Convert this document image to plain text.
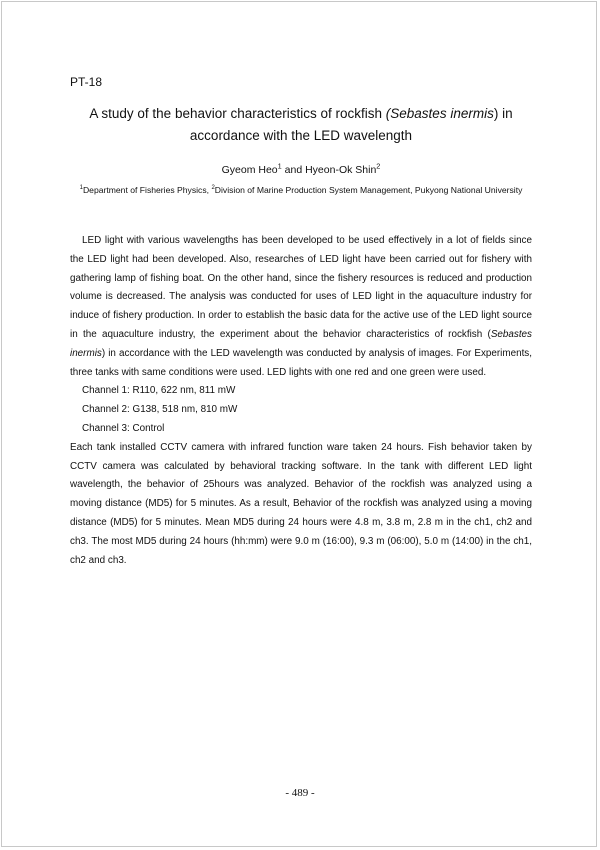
PT-18
A study of the behavior characteristics of rockfish (Sebastes inermis) in accordance with the LED wavelength
Gyeom Heo$^1$ and Hyeon-Ok Shin$^2$
$^1$Department of Fisheries Physics, $^2$Division of Marine Production System Management, Pukyong National University

LED light with various wavelengths has been developed to be used effectively in a lot of fields since the LED light had been developed. Also, researches of LED light have been carried out for fishery with gathering lamp of fishing boat. On the other hand, since the fishery resources is reduced and production volume is decreased. The analysis was conducted for uses of LED light in the aquaculture industry for induce of fishery production. In order to establish the basic data for the active use of the LED light source in the aquaculture industry, the experiment about the behavior characteristics of rockfish (Sebastes inermis) in accordance with the LED wavelength was conducted by analysis of images. For Experiments, three tanks with same conditions were used. LED lights with one red and one green were used.

Channel 1: R110, 622 nm, 811 mW

Channel 2: G138, 518 nm, 810 mW

Channel 3: Control

Each tank installed CCTV camera with infrared function ware taken 24 hours. Fish behavior taken by CCTV camera was calculated by behavioral tracking software. In the tank with different LED light wavelength, the behavior of 25hours was analyzed. Behavior of the rockfish was analyzed using a moving distance (MD5) for 5 minutes. As a result, Behavior of the rockfish was analyzed using a moving distance (MD5) for 5 minutes. Mean MD5 during 24 hours were 4.8 m, 3.8 m, 2.8 m in the ch1, ch2 and ch3. The most MD5 during 24 hours (hh:mm) were 9.0 m (16:00), 9.3 m (06:00), 5.0 m (14:00) in the ch1, ch2 and ch3.

- 489 -
